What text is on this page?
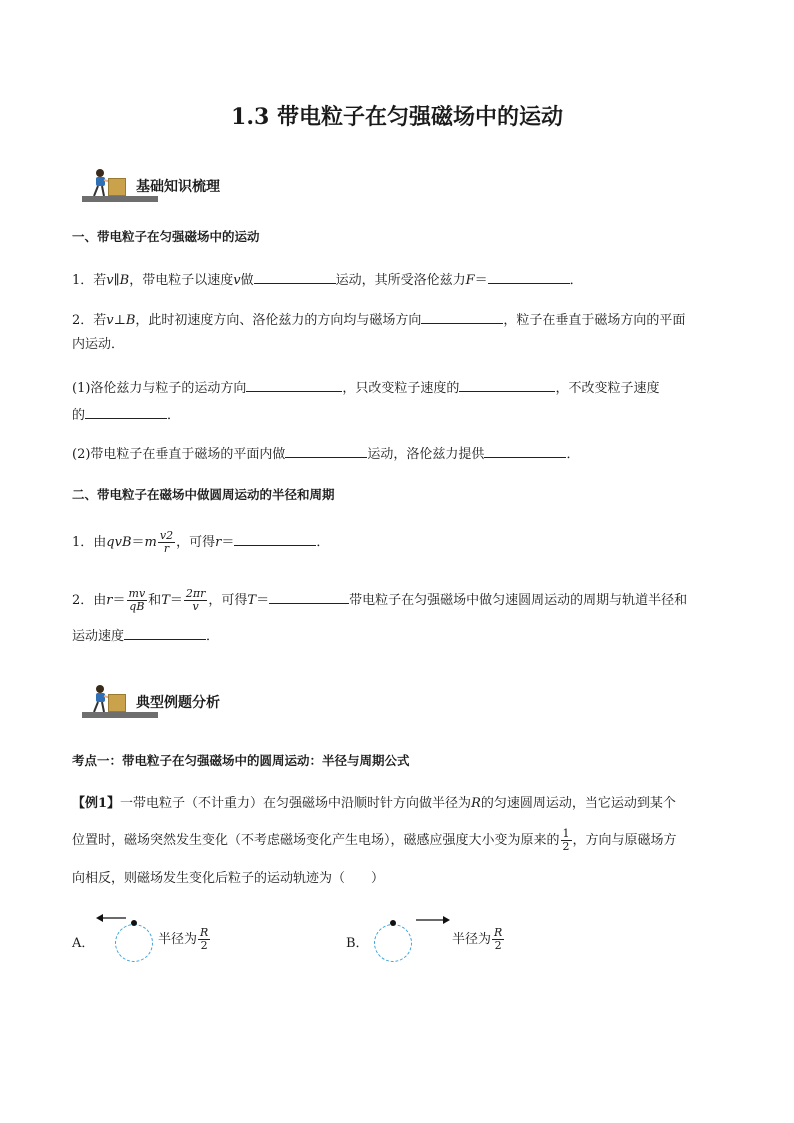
1.3 带电粒子在匀强磁场中的运动
基础知识梳理
一、带电粒子在匀强磁场中的运动
1．若v∥B，带电粒子以速度v做	运动，其所受洛伦兹力F＝	．
2．若v⊥B，此时初速度方向、洛伦兹力的方向均与磁场方向	，粒子在垂直于磁场方向的平面
内运动．
(1)洛伦兹力与粒子的运动方向	，只改变粒子速度的	，不改变粒子速度
的	．
(2)带电粒子在垂直于磁场的平面内做	运动，洛伦兹力提供	．
二、带电粒子在磁场中做圆周运动的半径和周期
1．由$qvB=m \frac{v2}{r}$ ，可得r＝	．
2．由$r= \frac{mv}{qB}$ 和$T= \frac{2\pi r}{v}$ ，可得T＝	带电粒子在匀强磁场中做匀速圆周运动的周期与轨道半径和
运动速度	．
典型例题分析
考点一：带电粒子在匀强磁场中的圆周运动：半径与周期公式
【例1】一带电粒子（不计重力）在匀强磁场中沿顺时针方向做半径为R的匀速圆周运动，当它运动到某个
位置时，磁场突然发生变化（不考虑磁场变化产生电场），磁感应强度大小变为原来的 $\frac{1}{2}$ ，方向与原磁场方
向相反，则磁场发生变化后粒子的运动轨迹为（　　）
A．	半径为 $\frac{R}{2}$	B．	半径为 $\frac{R}{2}$
